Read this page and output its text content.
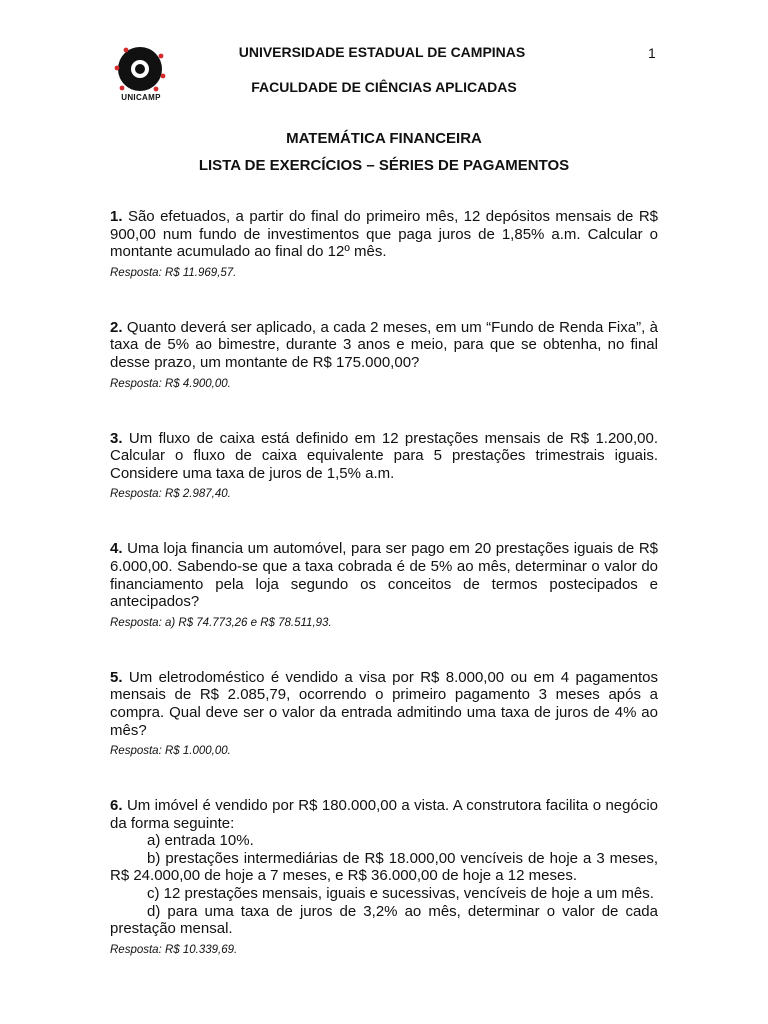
UNICAMP
UNIVERSIDADE ESTADUAL DE CAMPINAS	1
FACULDADE DE CIÊNCIAS APLICADAS
MATEMÁTICA FINANCEIRA
LISTA DE EXERCÍCIOS – SÉRIES DE PAGAMENTOS

1. São efetuados, a partir do final do primeiro mês, 12 depósitos mensais de R$ 900,00 num fundo de investimentos que paga juros de 1,85% a.m. Calcular o montante acumulado ao final do 12º mês.

Resposta: R$ 11.969,57.

2. Quanto deverá ser aplicado, a cada 2 meses, em um “Fundo de Renda Fixa”, à taxa de 5% ao bimestre, durante 3 anos e meio, para que se obtenha, no final desse prazo, um montante de R$ 175.000,00?

Resposta: R$ 4.900,00.

3. Um fluxo de caixa está definido em 12 prestações mensais de R$ 1.200,00. Calcular o fluxo de caixa equivalente para 5 prestações trimestrais iguais. Considere uma taxa de juros de 1,5% a.m.

Resposta: R$ 2.987,40.

4. Uma loja financia um automóvel, para ser pago em 20 prestações iguais de R$ 6.000,00. Sabendo-se que a taxa cobrada é de 5% ao mês, determinar o valor do financiamento pela loja segundo os conceitos de termos postecipados e antecipados?

Resposta: a) R$ 74.773,26 e R$ 78.511,93.

5. Um eletrodoméstico é vendido a visa por R$ 8.000,00 ou em 4 pagamentos mensais de R$ 2.085,79, ocorrendo o primeiro pagamento 3 meses após a compra. Qual deve ser o valor da entrada admitindo uma taxa de juros de 4% ao mês?

Resposta: R$ 1.000,00.

6. Um imóvel é vendido por R$ 180.000,00 a vista. A construtora facilita o negócio da forma seguinte:

a) entrada 10%.

b) prestações intermediárias de R$ 18.000,00 vencíveis de hoje a 3 meses, R$ 24.000,00 de hoje a 7 meses, e R$ 36.000,00 de hoje a 12 meses.

c) 12 prestações mensais, iguais e sucessivas, vencíveis de hoje a um mês.

d) para uma taxa de juros de 3,2% ao mês, determinar o valor de cada prestação mensal.

Resposta: R$ 10.339,69.
